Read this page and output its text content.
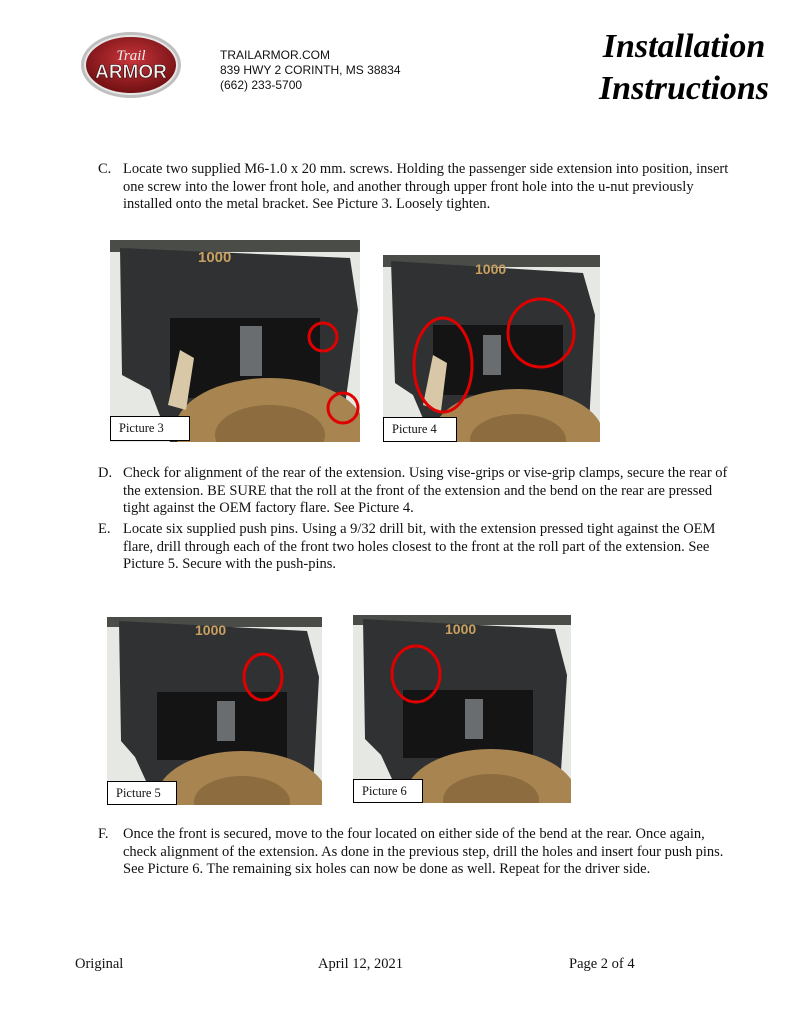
Trail
ARMOR
TRAILARMOR.COM
839 HWY 2 CORINTH, MS 38834
(662) 233-5700
Installation
Instructions
C. Locate two supplied M6-1.0 x 20 mm. screws. Holding the passenger side extension into position, insert one screw into the lower front hole, and another through upper front hole into the u-nut previously installed onto the metal bracket. See Picture 3. Loosely tighten.
1000
Picture 3
1000
Picture 4
D. Check for alignment of the rear of the extension. Using vise-grips or vise-grip clamps, secure the rear of the extension. BE SURE that the roll at the front of the extension and the bend on the rear are pressed tight against the OEM factory flare. See Picture 4.
E. Locate six supplied push pins. Using a 9/32 drill bit, with the extension pressed tight against the OEM flare, drill through each of the front two holes closest to the front at the roll part of the extension. See Picture 5. Secure with the push-pins.
1000
Picture 5
1000
Picture 6
F. Once the front is secured, move to the four located on either side of the bend at the rear. Once again, check alignment of the extension. As done in the previous step, drill the holes and insert four push pins. See Picture 6. The remaining six holes can now be done as well. Repeat for the driver side.
Original	April 12, 2021	Page 2 of 4
